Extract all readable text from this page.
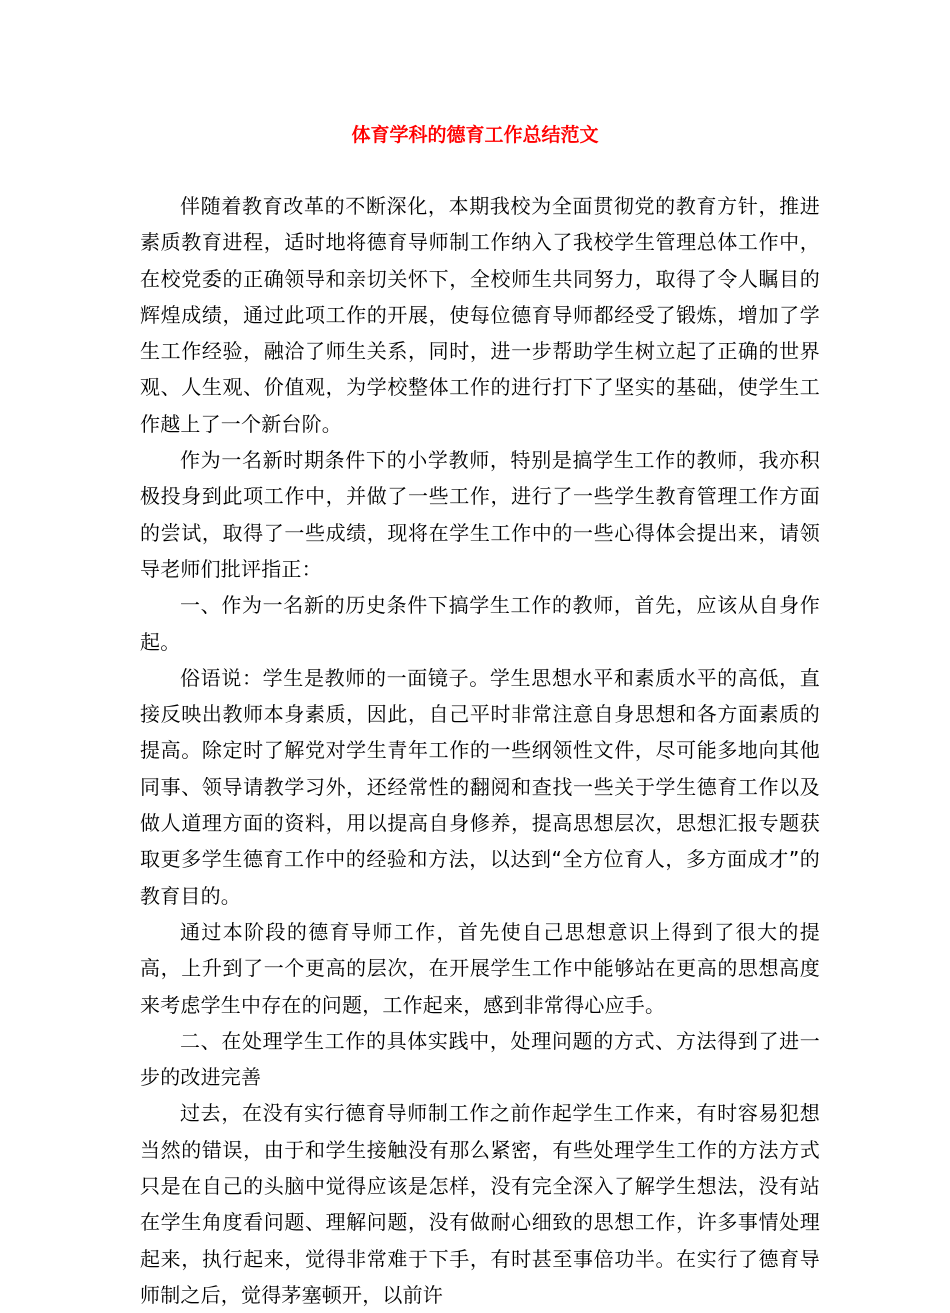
体育学科的德育工作总结范文

伴随着教育改革的不断深化，本期我校为全面贯彻党的教育方针，推进素质教育进程，适时地将德育导师制工作纳入了我校学生管理总体工作中，在校党委的正确领导和亲切关怀下，全校师生共同努力，取得了令人瞩目的辉煌成绩，通过此项工作的开展，使每位德育导师都经受了锻炼，增加了学生工作经验，融洽了师生关系，同时，进一步帮助学生树立起了正确的世界观、人生观、价值观，为学校整体工作的进行打下了坚实的基础，使学生工作越上了一个新台阶。

作为一名新时期条件下的小学教师，特别是搞学生工作的教师，我亦积极投身到此项工作中，并做了一些工作，进行了一些学生教育管理工作方面的尝试，取得了一些成绩，现将在学生工作中的一些心得体会提出来，请领导老师们批评指正：

一、作为一名新的历史条件下搞学生工作的教师，首先，应该从自身作起。

俗语说：学生是教师的一面镜子。学生思想水平和素质水平的高低，直接反映出教师本身素质，因此，自己平时非常注意自身思想和各方面素质的提高。除定时了解党对学生青年工作的一些纲领性文件，尽可能多地向其他同事、领导请教学习外，还经常性的翻阅和查找一些关于学生德育工作以及做人道理方面的资料，用以提高自身修养，提高思想层次，思想汇报专题获取更多学生德育工作中的经验和方法，以达到“全方位育人，多方面成才”的教育目的。

通过本阶段的德育导师工作，首先使自己思想意识上得到了很大的提高，上升到了一个更高的层次，在开展学生工作中能够站在更高的思想高度来考虑学生中存在的问题，工作起来，感到非常得心应手。

二、在处理学生工作的具体实践中，处理问题的方式、方法得到了进一步的改进完善

过去，在没有实行德育导师制工作之前作起学生工作来，有时容易犯想当然的错误，由于和学生接触没有那么紧密，有些处理学生工作的方法方式只是在自己的头脑中觉得应该是怎样，没有完全深入了解学生想法，没有站在学生角度看问题、理解问题，没有做耐心细致的思想工作，许多事情处理起来，执行起来，觉得非常难于下手，有时甚至事倍功半。在实行了德育导师制之后，觉得茅塞顿开，以前许
